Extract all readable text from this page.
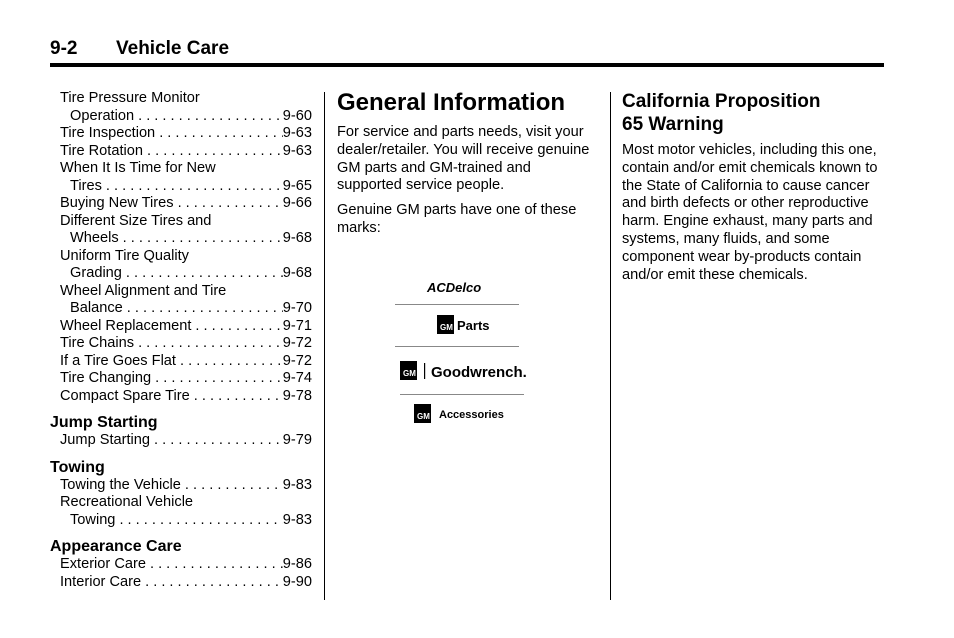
9-2 Vehicle Care
Tire Pressure Monitor
Operation . . .	9-60
Tire Inspection . . .	9-63
Tire Rotation . . .	9-63
When It Is Time for New
Tires . . .	9-65
Buying New Tires . . .	9-66
Different Size Tires and
Wheels . . .	9-68
Uniform Tire Quality
Grading . . .	9-68
Wheel Alignment and Tire
Balance . . .	9-70
Wheel Replacement . . .	9-71
Tire Chains . . .	9-72
If a Tire Goes Flat . . .	9-72
Tire Changing . . .	9-74
Compact Spare Tire . . .	9-78
Jump Starting
Jump Starting . . .	9-79
Towing
Towing the Vehicle . . .	9-83
Recreational Vehicle
Towing . . .	9-83
Appearance Care
Exterior Care . . .	9-86
Interior Care . . .	9-90
General Information

For service and parts needs, visit your dealer/retailer. You will receive genuine GM parts and GM-trained and supported service people.

Genuine GM parts have one of these marks:

ACDelco
GM Parts
GM Goodwrench.
GM Accessories
California Proposition
65 Warning

Most motor vehicles, including this one, contain and/or emit chemicals known to the State of California to cause cancer and birth defects or other reproductive harm. Engine exhaust, many parts and systems, many fluids, and some component wear by-products contain and/or emit these chemicals.
